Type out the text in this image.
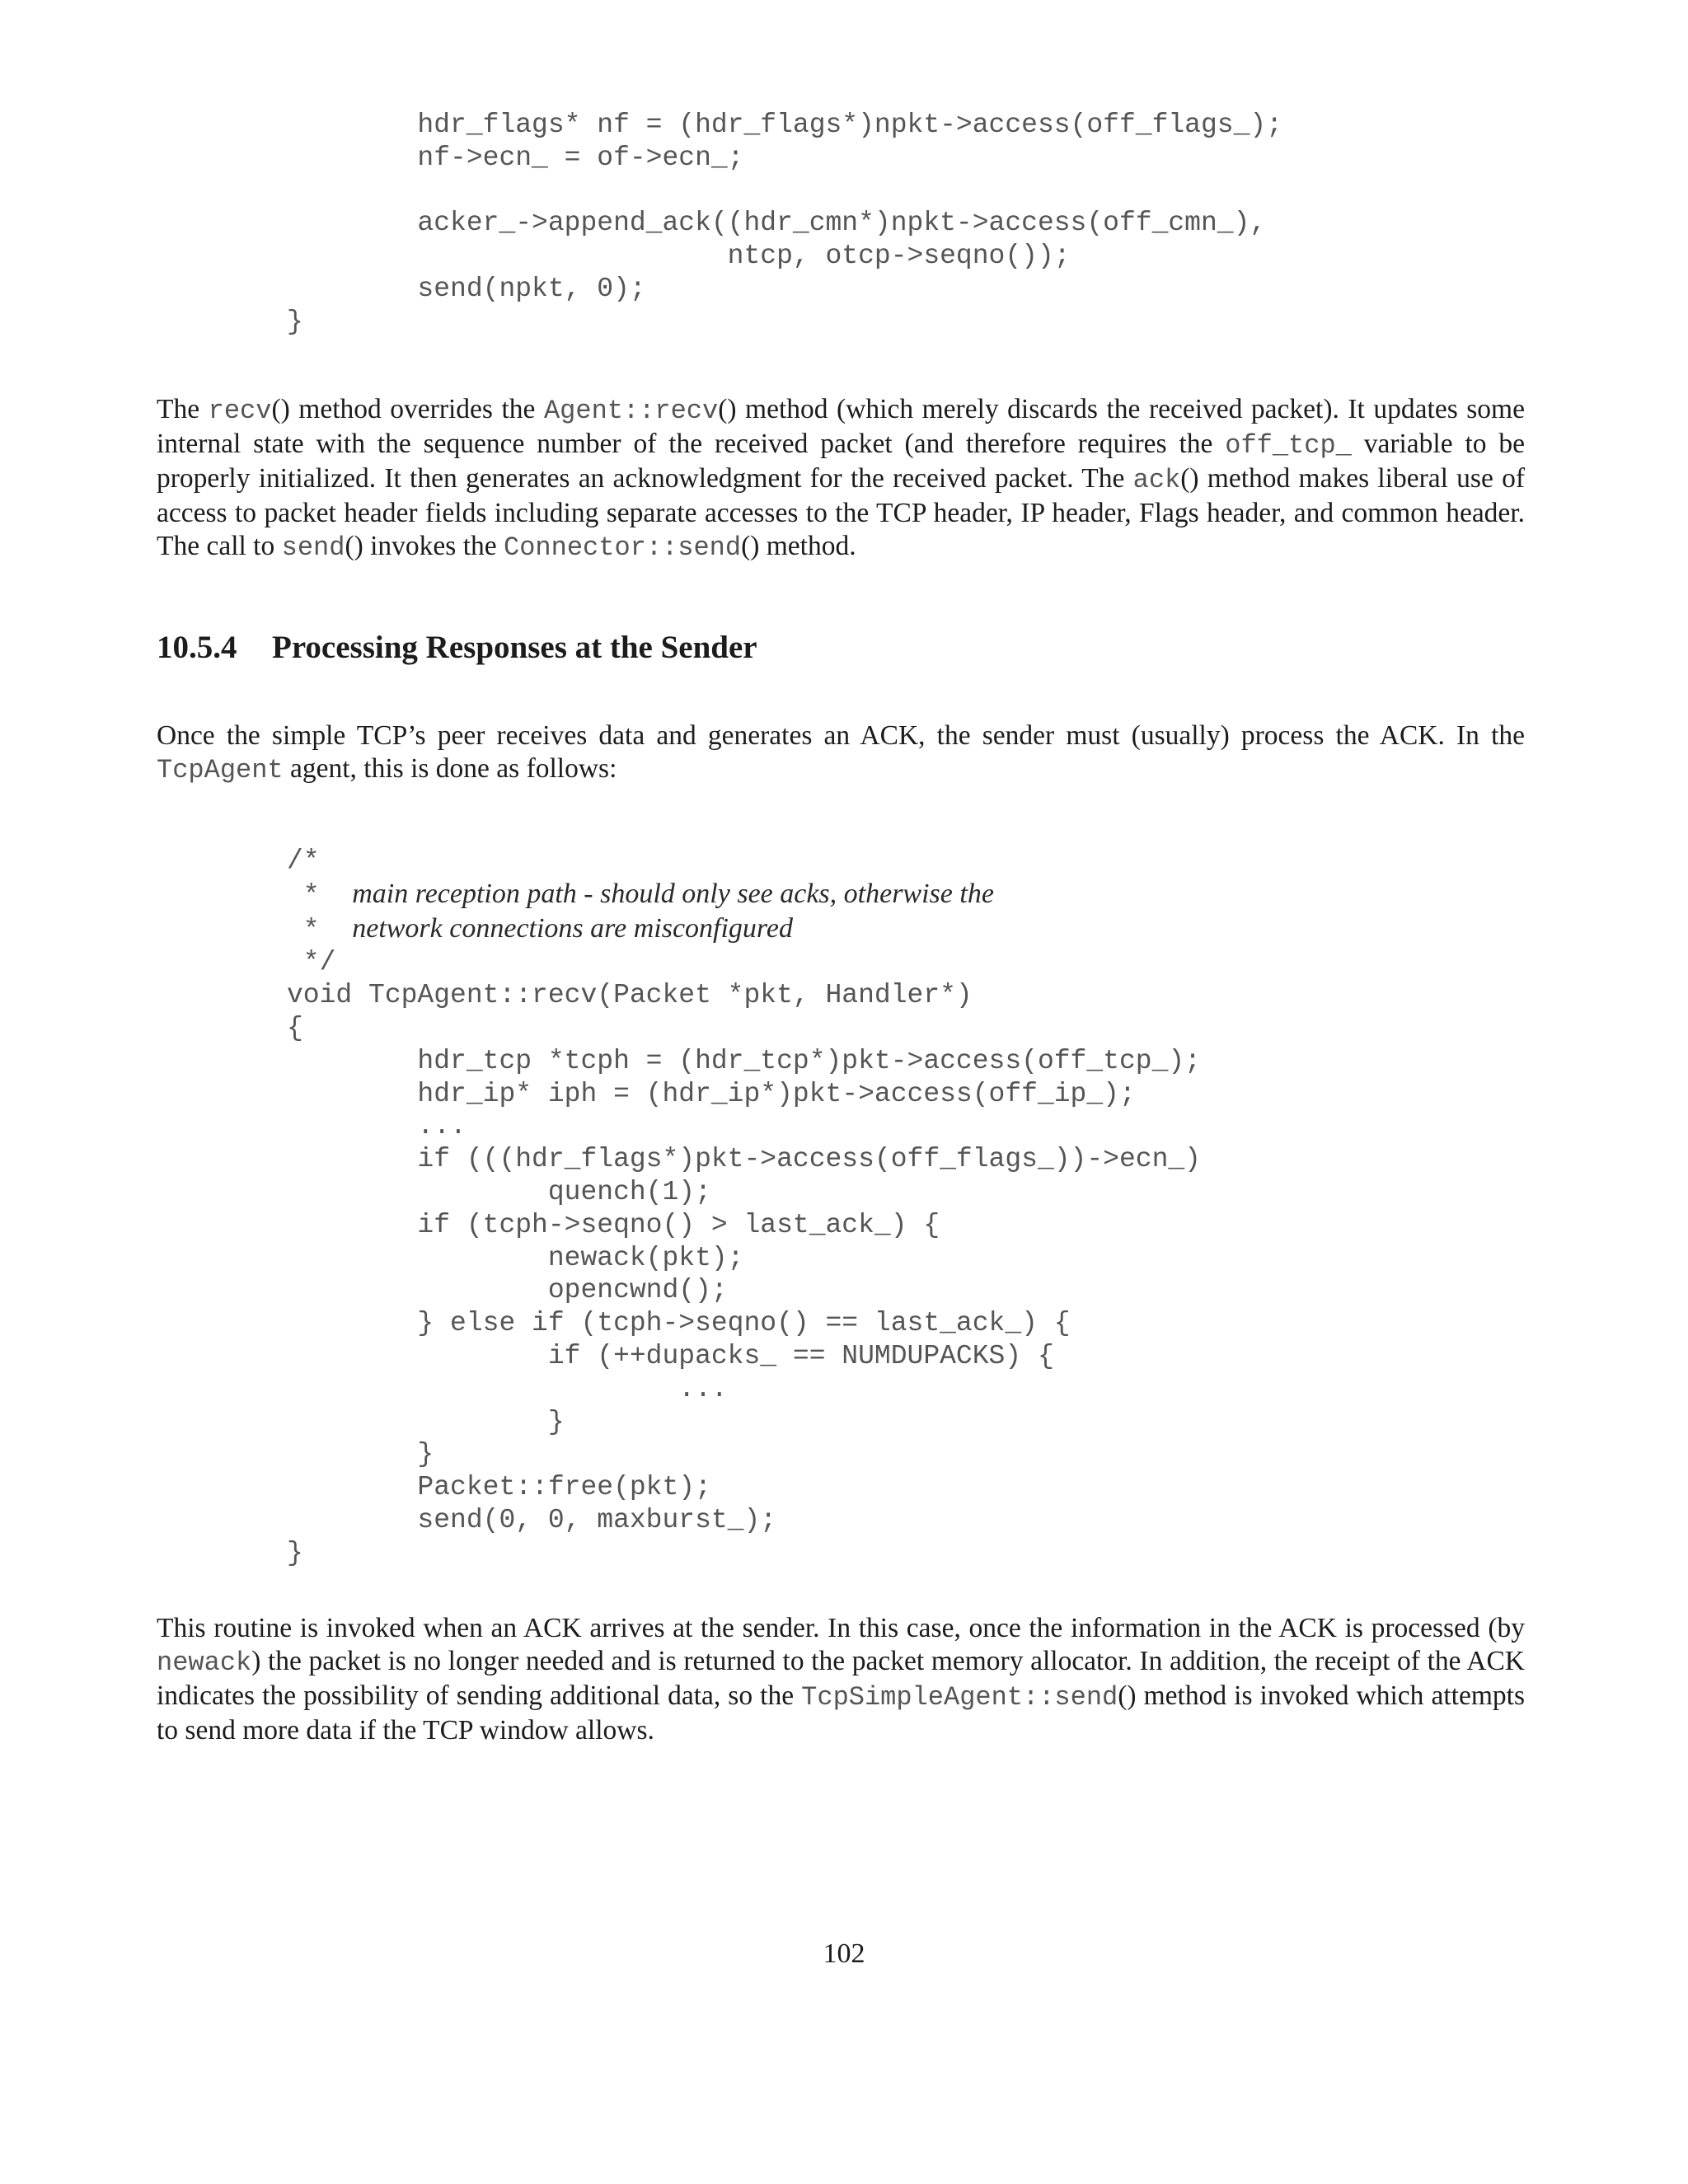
hdr_flags* nf = (hdr_flags*)npkt->access(off_flags_);
nf->ecn_ = of->ecn_;

acker_->append_ack((hdr_cmn*)npkt->access(off_cmn_),
ntcp, otcp->seqno());
send(npkt, 0);
}

The recv() method overrides the Agent::recv() method (which merely discards the received packet). It updates some internal state with the sequence number of the received packet (and therefore requires the off_tcp_ variable to be properly initialized. It then generates an acknowledgment for the received packet. The ack() method makes liberal use of access to packet header fields including separate accesses to the TCP header, IP header, Flags header, and common header. The call to send() invokes the Connector::send() method.

10.5.4 Processing Responses at the Sender

Once the simple TCP’s peer receives data and generates an ACK, the sender must (usually) process the ACK. In the TcpAgent agent, this is done as follows:

/*
* main reception path - should only see acks, otherwise the
* network connections are misconfigured
*/
void TcpAgent::recv(Packet *pkt, Handler*)
{
hdr_tcp *tcph = (hdr_tcp*)pkt->access(off_tcp_);
hdr_ip* iph = (hdr_ip*)pkt->access(off_ip_);
...
if (((hdr_flags*)pkt->access(off_flags_))->ecn_)
quench(1);
if (tcph->seqno() > last_ack_) {
newack(pkt);
opencwnd();
} else if (tcph->seqno() == last_ack_) {
if (++dupacks_ == NUMDUPACKS) {
...
}
}
Packet::free(pkt);
send(0, 0, maxburst_);
}

This routine is invoked when an ACK arrives at the sender. In this case, once the information in the ACK is processed (by newack) the packet is no longer needed and is returned to the packet memory allocator. In addition, the receipt of the ACK indicates the possibility of sending additional data, so the TcpSimpleAgent::send() method is invoked which attempts to send more data if the TCP window allows.

102
